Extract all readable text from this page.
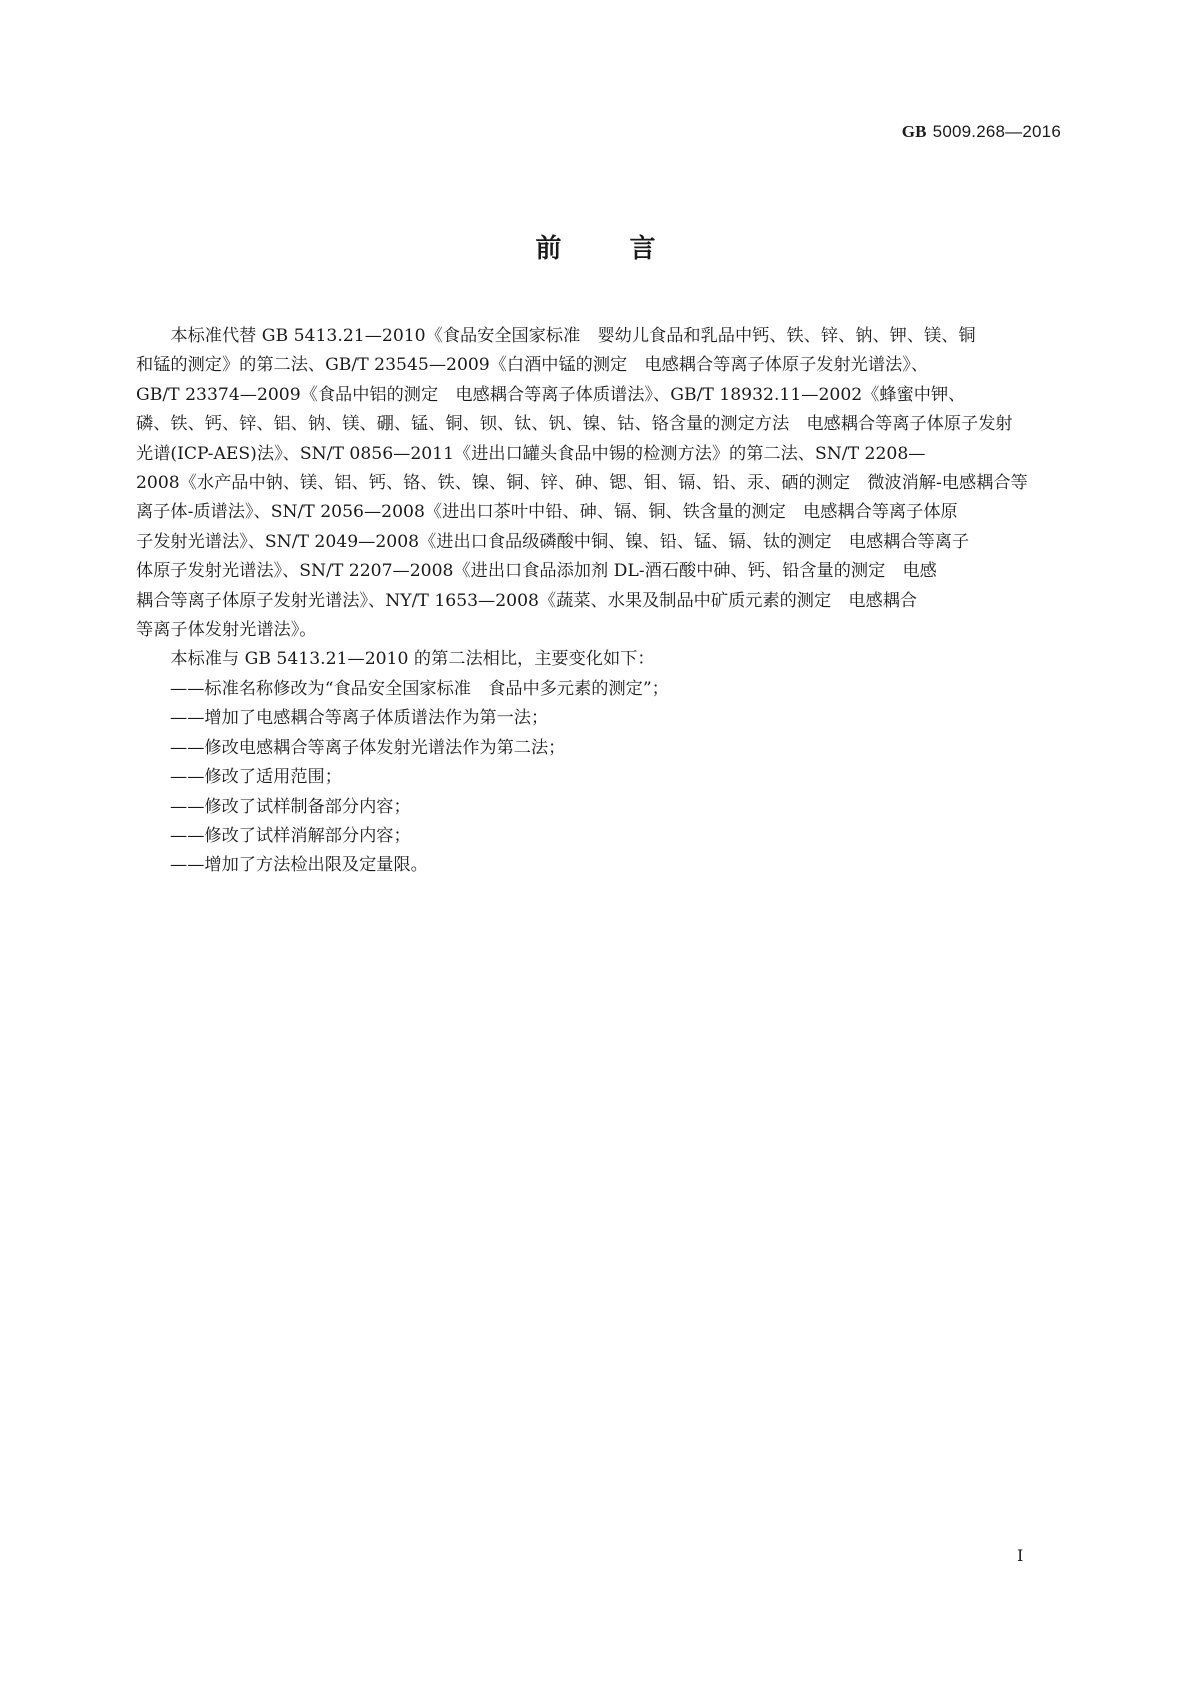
GB 5009.268—2016
前	言

本标准代替 GB 5413.21—2010《食品安全国家标准　婴幼儿食品和乳品中钙、铁、锌、钠、钾、镁、铜
和锰的测定》的第二法、GB/T 23545—2009《白酒中锰的测定　电感耦合等离子体原子发射光谱法》、
GB/T 23374—2009《食品中铝的测定　电感耦合等离子体质谱法》、GB/T 18932.11—2002《蜂蜜中钾、
磷、铁、钙、锌、铝、钠、镁、硼、锰、铜、钡、钛、钒、镍、钴、铬含量的测定方法　电感耦合等离子体原子发射
光谱(ICP-AES)法》、SN/T 0856—2011《进出口罐头食品中锡的检测方法》的第二法、SN/T 2208—
2008《水产品中钠、镁、铝、钙、铬、铁、镍、铜、锌、砷、锶、钼、镉、铅、汞、硒的测定　微波消解-电感耦合等
离子体-质谱法》、SN/T 2056—2008《进出口茶叶中铅、砷、镉、铜、铁含量的测定　电感耦合等离子体原
子发射光谱法》、SN/T 2049—2008《进出口食品级磷酸中铜、镍、铅、锰、镉、钛的测定　电感耦合等离子
体原子发射光谱法》、SN/T 2207—2008《进出口食品添加剂 DL-酒石酸中砷、钙、铅含量的测定　电感
耦合等离子体原子发射光谱法》、NY/T 1653—2008《蔬菜、水果及制品中矿质元素的测定　电感耦合
等离子体发射光谱法》。

本标准与 GB 5413.21—2010 的第二法相比，主要变化如下：

——标准名称修改为“食品安全国家标准　食品中多元素的测定”；

——增加了电感耦合等离子体质谱法作为第一法；

——修改电感耦合等离子体发射光谱法作为第二法；

——修改了适用范围；

——修改了试样制备部分内容；

——修改了试样消解部分内容；

——增加了方法检出限及定量限。

I
